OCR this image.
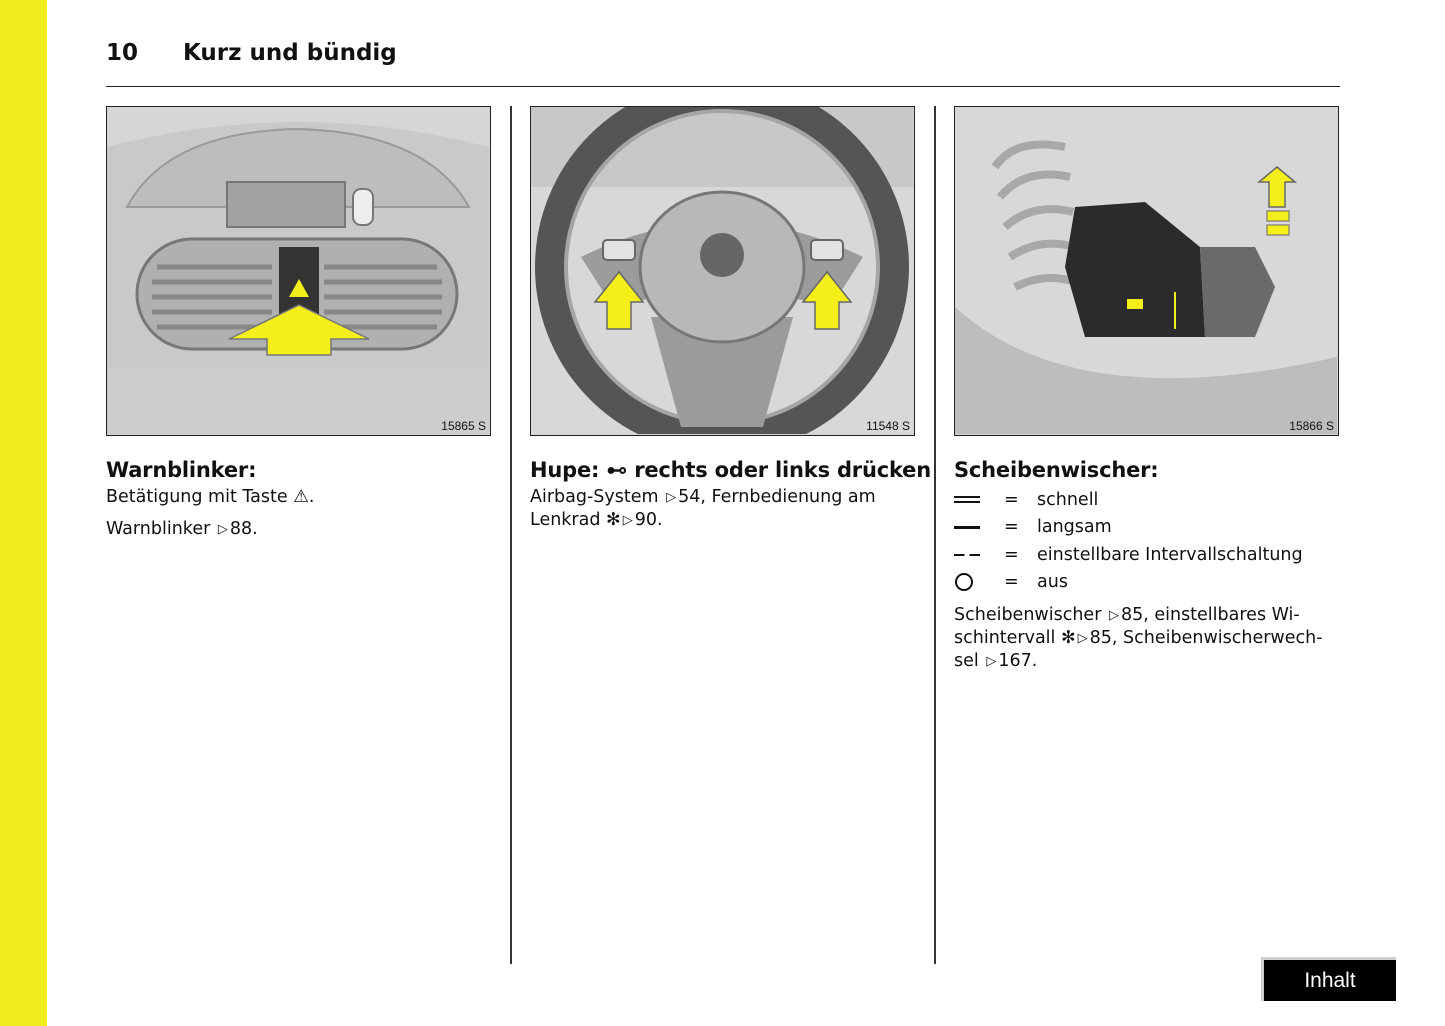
10 Kurz und bündig
15865 S	11548 S	15866 S
Warnblinker:

Betätigung mit Taste ⚠.

Warnblinker ▷ 88.

Hupe: ⊷ rechts oder links drücken

Airbag-System ▷ 54, Fernbedienung am Lenkrad ✻ ▷ 90.

Scheibenwischer:
=	schnell
=	langsam
=	einstellbare Intervallschaltung
=	aus

Scheibenwischer ▷ 85, einstellbares Wischintervall ✻ ▷ 85, Scheibenwischerwechsel ▷ 167.

Inhalt
